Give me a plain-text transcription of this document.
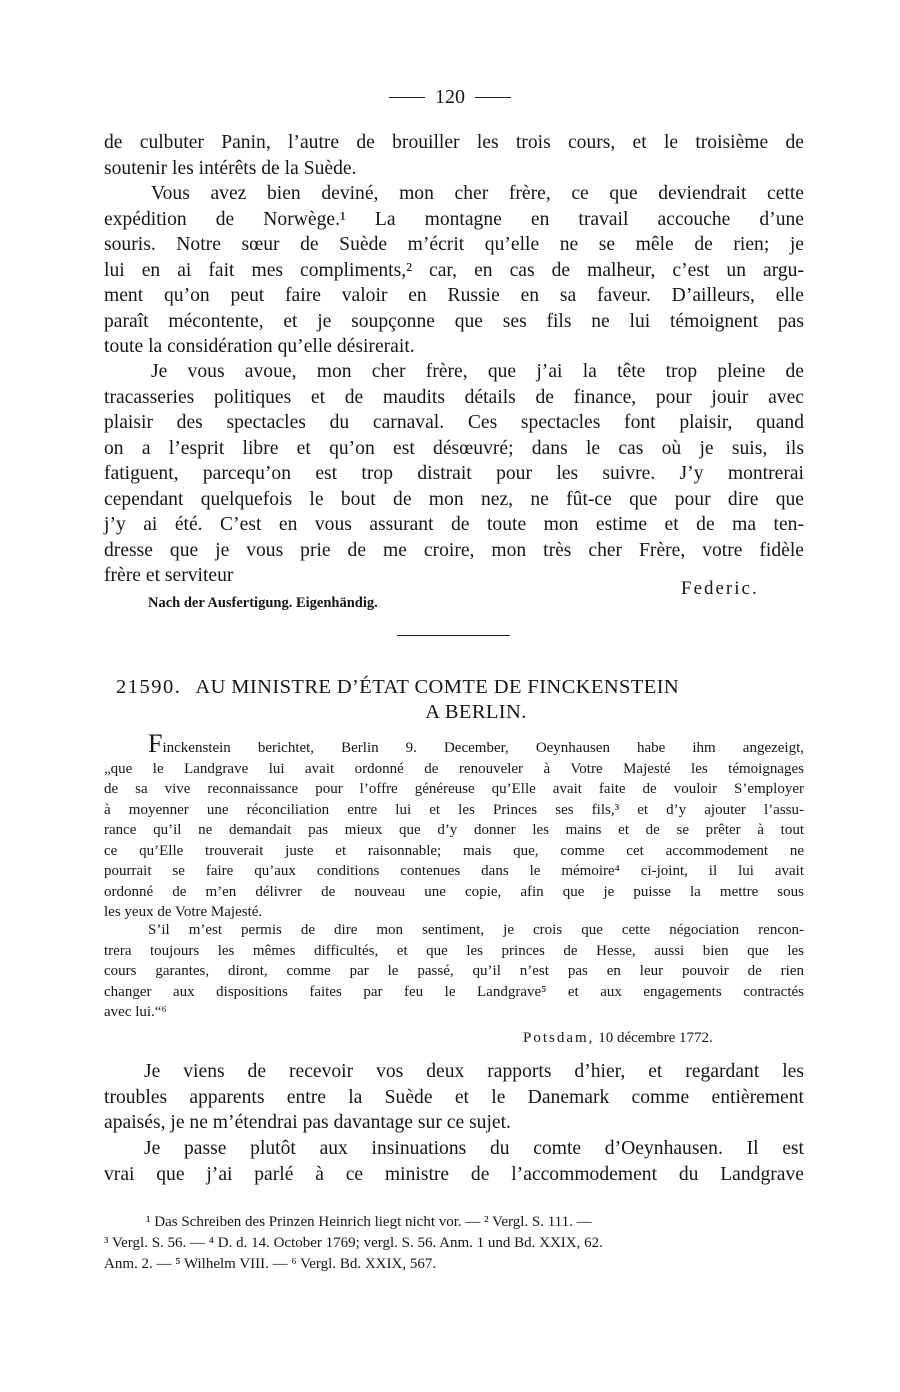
120

de culbuter Panin, l’autre de brouiller les trois cours, et le troisième de
soutenir les intérêts de la Suède.

Vous avez bien deviné, mon cher frère, ce que deviendrait cette
expédition de Norwège.¹ La montagne en travail accouche d’une
souris. Notre sœur de Suède m’écrit qu’elle ne se mêle de rien; je
lui en ai fait mes compliments,² car, en cas de malheur, c’est un argu-
ment qu’on peut faire valoir en Russie en sa faveur. D’ailleurs, elle
paraît mécontente, et je soupçonne que ses fils ne lui témoignent pas
toute la considération qu’elle désirerait.

Je vous avoue, mon cher frère, que j’ai la tête trop pleine de
tracasseries politiques et de maudits détails de finance, pour jouir avec
plaisir des spectacles du carnaval. Ces spectacles font plaisir, quand
on a l’esprit libre et qu’on est désœuvré; dans le cas où je suis, ils
fatiguent, parcequ’on est trop distrait pour les suivre. J’y montrerai
cependant quelquefois le bout de mon nez, ne fût-ce que pour dire que
j’y ai été. C’est en vous assurant de toute mon estime et de ma ten-
dresse que je vous prie de me croire, mon très cher Frère, votre fidèle
frère et serviteur

Federic.
Nach der Ausfertigung. Eigenhändig.
21590. AU MINISTRE D’ÉTAT COMTE DE FINCKENSTEIN
A BERLIN.

Finckenstein berichtet, Berlin 9. December, Oeynhausen habe ihm angezeigt,
„que le Landgrave lui avait ordonné de renouveler à Votre Majesté les témoignages
de sa vive reconnaissance pour l’offre généreuse qu’Elle avait faite de vouloir S’employer
à moyenner une réconciliation entre lui et les Princes ses fils,³ et d’y ajouter l’assu-
rance qu’il ne demandait pas mieux que d’y donner les mains et de se prêter à tout
ce qu’Elle trouverait juste et raisonnable; mais que, comme cet accommodement ne
pourrait se faire qu’aux conditions contenues dans le mémoire⁴ ci-joint, il lui avait
ordonné de m’en délivrer de nouveau une copie, afin que je puisse la mettre sous
les yeux de Votre Majesté.

S’il m’est permis de dire mon sentiment, je crois que cette négociation rencon-
trera toujours les mêmes difficultés, et que les princes de Hesse, aussi bien que les
cours garantes, diront, comme par le passé, qu’il n’est pas en leur pouvoir de rien
changer aux dispositions faites par feu le Landgrave⁵ et aux engagements contractés
avec lui.“⁶

Potsdam, 10 décembre 1772.

Je viens de recevoir vos deux rapports d’hier, et regardant les
troubles apparents entre la Suède et le Danemark comme entièrement
apaisés, je ne m’étendrai pas davantage sur ce sujet.

Je passe plutôt aux insinuations du comte d’Oeynhausen. Il est
vrai que j’ai parlé à ce ministre de l’accommodement du Landgrave

¹ Das Schreiben des Prinzen Heinrich liegt nicht vor. — ² Vergl. S. 111. —
³ Vergl. S. 56. — ⁴ D. d. 14. October 1769; vergl. S. 56. Anm. 1 und Bd. XXIX, 62.
Anm. 2. — ⁵ Wilhelm VIII. — ⁶ Vergl. Bd. XXIX, 567.
